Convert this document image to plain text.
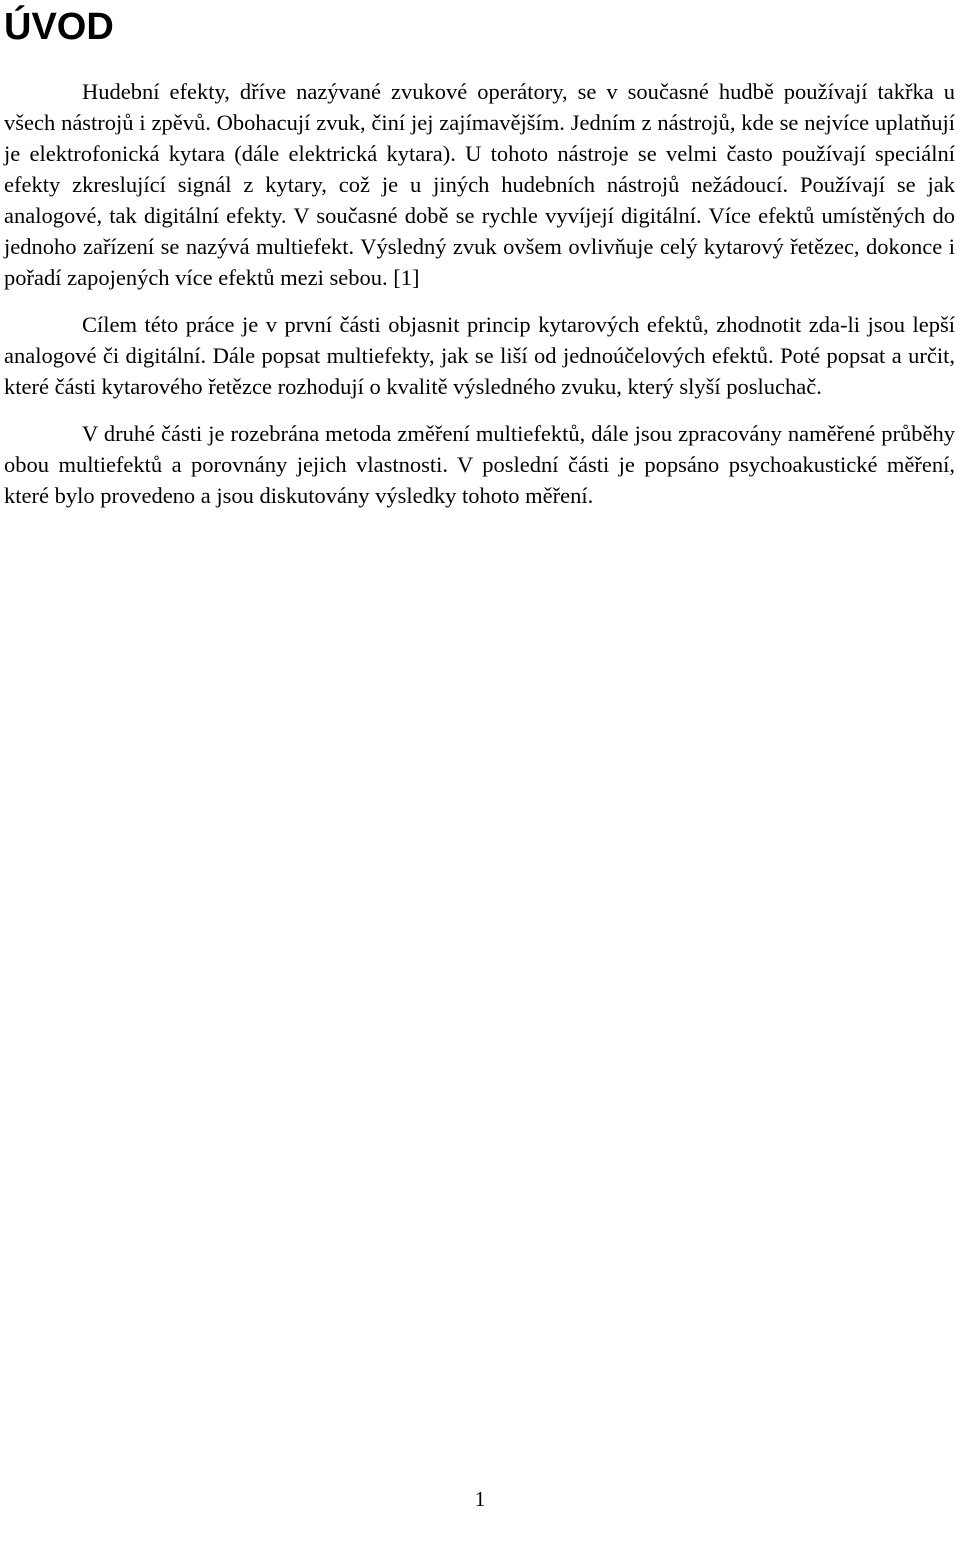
ÚVOD

Hudební efekty, dříve nazývané zvukové operátory, se v současné hudbě používají takřka u všech nástrojů i zpěvů. Obohacují zvuk, činí jej zajímavějším. Jedním z nástrojů, kde se nejvíce uplatňují je elektrofonická kytara (dále elektrická kytara). U tohoto nástroje se velmi často používají speciální efekty zkreslující signál z kytary, což je u jiných hudebních nástrojů nežádoucí. Používají se jak analogové, tak digitální efekty. V současné době se rychle vyvíjejí digitální. Více efektů umístěných do jednoho zařízení se nazývá multiefekt. Výsledný zvuk ovšem ovlivňuje celý kytarový řetězec, dokonce i pořadí zapojených více efektů mezi sebou. [1]

Cílem této práce je v první části objasnit princip kytarových efektů, zhodnotit zda-li jsou lepší analogové či digitální. Dále popsat multiefekty, jak se liší od jednoúčelových efektů. Poté popsat a určit, které části kytarového řetězce rozhodují o kvalitě výsledného zvuku, který slyší posluchač.

V druhé části je rozebrána metoda změření multiefektů, dále jsou zpracovány naměřené průběhy obou multiefektů a porovnány jejich vlastnosti. V poslední části je popsáno psychoakustické měření, které bylo provedeno a jsou diskutovány výsledky tohoto měření.

1
